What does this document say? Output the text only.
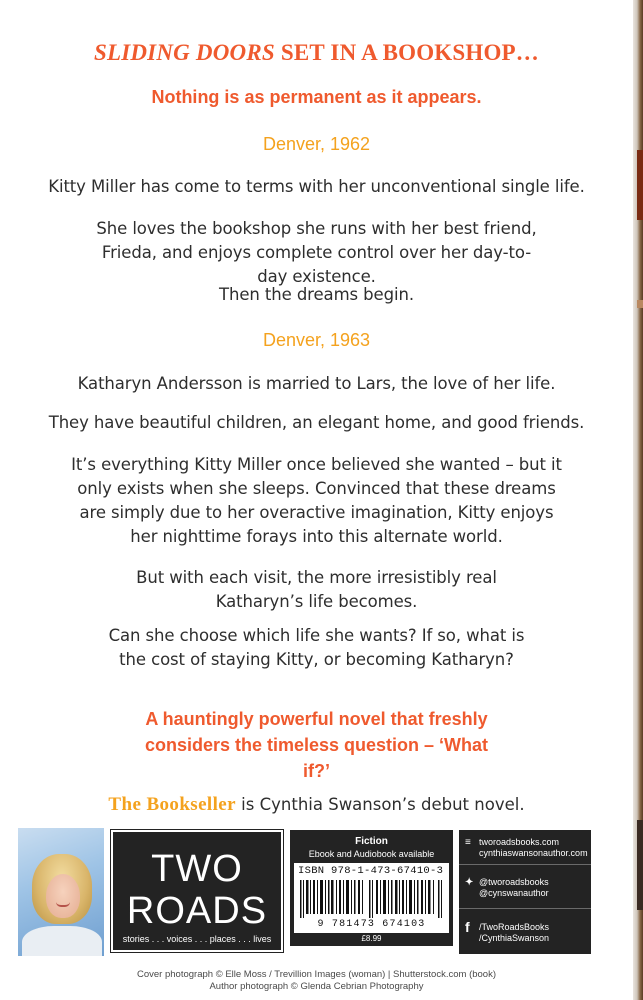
SLIDING DOORS SET IN A BOOKSHOP…
Nothing is as permanent as it appears.
Denver, 1962
Kitty Miller has come to terms with her unconventional single life.
She loves the bookshop she runs with her best friend, Frieda, and enjoys complete control over her day-to-day existence.
Then the dreams begin.
Denver, 1963
Katharyn Andersson is married to Lars, the love of her life.
They have beautiful children, an elegant home, and good friends.
It’s everything Kitty Miller once believed she wanted – but it only exists when she sleeps. Convinced that these dreams are simply due to her overactive imagination, Kitty enjoys her nighttime forays into this alternate world.
But with each visit, the more irresistibly real Katharyn’s life becomes.
Can she choose which life she wants? If so, what is the cost of staying Kitty, or becoming Katharyn?
A hauntingly powerful novel that freshly considers the timeless question – ‘What if?’
The Bookseller is Cynthia Swanson’s debut novel.
TWO
ROADS
stories . . . voices . . . places . . . lives
Fiction
Ebook and Audiobook available
ISBN 978-1-473-67410-3
9 781473 674103
£8.99
≡ tworoadsbooks.com
cynthiaswansonauthor.com
✦ @tworoadsbooks
@cynswanauthor
f /TwoRoadsBooks
/CynthiaSwanson
Cover photograph © Elle Moss / Trevillion Images (woman) | Shutterstock.com (book)
Author photograph © Glenda Cebrian Photography
